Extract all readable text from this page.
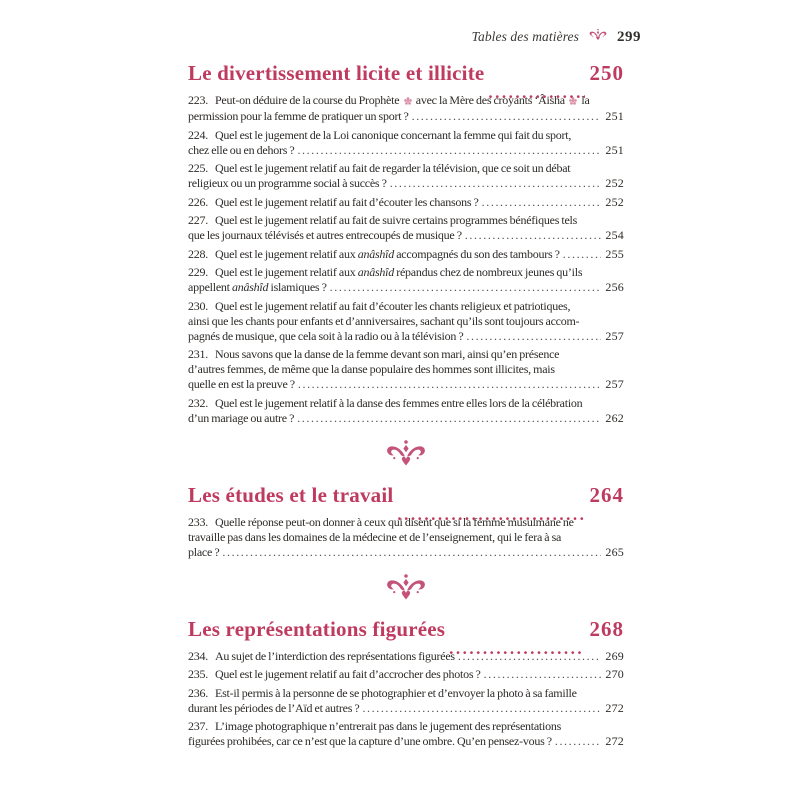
Tables des matières	299
Le divertissement licite et illicite	250
223. Peut-on déduire de la course du Prophète  avec la Mère des croyants ‘Âisha  la
permission pour la femme de pratiquer un sport ? .....	251
224. Quel est le jugement de la Loi canonique concernant la femme qui fait du sport,
chez elle ou en dehors ? .....	251
225. Quel est le jugement relatif au fait de regarder la télévision, que ce soit un débat
religieux ou un programme social à succès ? .....	252
226. Quel est le jugement relatif au fait d’écouter les chansons ? .....	252
227. Quel est le jugement relatif au fait de suivre certains programmes bénéfiques tels
que les journaux télévisés et autres entrecoupés de musique ? .....	254
228. Quel est le jugement relatif aux anâshîd accompagnés du son des tambours ? .....	255
229. Quel est le jugement relatif aux anâshîd répandus chez de nombreux jeunes qu’ils
appellent anâshîd islamiques ? .....	256
230. Quel est le jugement relatif au fait d’écouter les chants religieux et patriotiques,
ainsi que les chants pour enfants et d’anniversaires, sachant qu’ils sont toujours accom-
pagnés de musique, que cela soit à la radio ou à la télévision ? .....	257
231. Nous savons que la danse de la femme devant son mari, ainsi qu’en présence
d’autres femmes, de même que la danse populaire des hommes sont illicites, mais
quelle en est la preuve ? .....	257
232. Quel est le jugement relatif à la danse des femmes entre elles lors de la célébration
d’un mariage ou autre ? .....	262
Les études et le travail	264
233. Quelle réponse peut-on donner à ceux qui disent que si la femme musulmane ne
travaille pas dans les domaines de la médecine et de l’enseignement, qui le fera à sa
place ? .....	265
Les représentations figurées	268
234. Au sujet de l’interdiction des représentations figurées .....	269
235. Quel est le jugement relatif au fait d’accrocher des photos ? .....	270
236. Est-il permis à la personne de se photographier et d’envoyer la photo à sa famille
durant les périodes de l’Aïd et autres ? .....	272
237. L’image photographique n’entrerait pas dans le jugement des représentations
figurées prohibées, car ce n’est que la capture d’une ombre. Qu’en pensez-vous ? .....	272
